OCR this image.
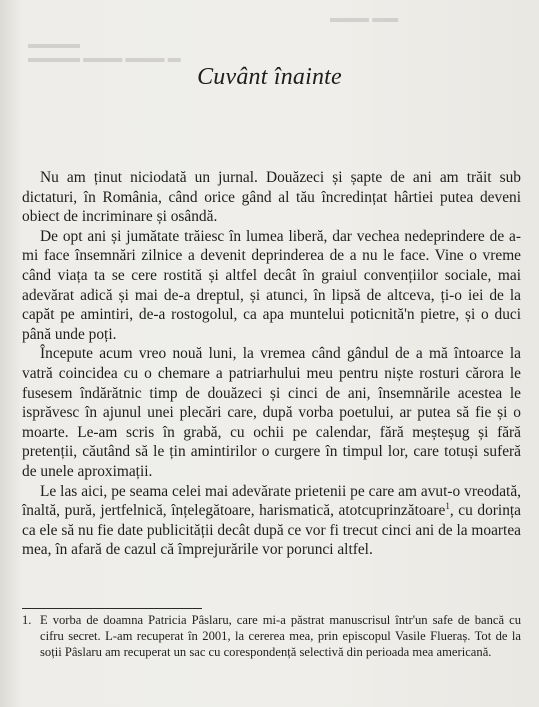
▬▬▬ ▬▬
▬▬▬▬
▬▬▬▬ ▬▬▬ ▬▬▬ ▬
Cuvânt înainte

Nu am ținut niciodată un jurnal. Douăzeci și șapte de ani am trăit sub dictaturi, în România, când orice gând al tău încredințat hârtiei putea deveni obiect de incriminare și osândă.

De opt ani și jumătate trăiesc în lumea liberă, dar vechea nedeprindere de a-mi face însemnări zilnice a devenit deprinderea de a nu le face. Vine o vreme când viața ta se cere rostită și altfel decât în graiul convențiilor sociale, mai adevărat adică și mai de-a dreptul, și atunci, în lipsă de altceva, ți-o iei de la capăt pe amintiri, de-a rostogolul, ca apa muntelui poticnită'n pietre, și o duci până unde poți.

Începute acum vreo nouă luni, la vremea când gândul de a mă întoarce la vatră coincidea cu o chemare a patriarhului meu pentru niște rosturi cărora le fusesem îndărătnic timp de douăzeci și cinci de ani, însemnările acestea le isprăvesc în ajunul unei plecări care, după vorba poetului, ar putea să fie și o moarte. Le-am scris în grabă, cu ochii pe calendar, fără meșteșug și fără pretenții, căutând să le țin amintirilor o curgere în timpul lor, care totuși suferă de unele aproximații.

Le las aici, pe seama celei mai adevărate prietenii pe care am avut-o vreodată, înaltă, pură, jertfelnică, înțelegătoare, harismatică, atotcuprinzătoare$^1$, cu dorința ca ele să nu fie date publicității decât după ce vor fi trecut cinci ani de la moartea mea, în afară de cazul că împrejurările vor porunci altfel.

1. E vorba de doamna Patricia Pâslaru, care mi-a păstrat manuscrisul într'un safe de bancă cu cifru secret. L-am recuperat în 2001, la cererea mea, prin episcopul Vasile Flueraș. Tot de la soții Pâslaru am recuperat un sac cu corespondență selectivă din perioada mea americană.
